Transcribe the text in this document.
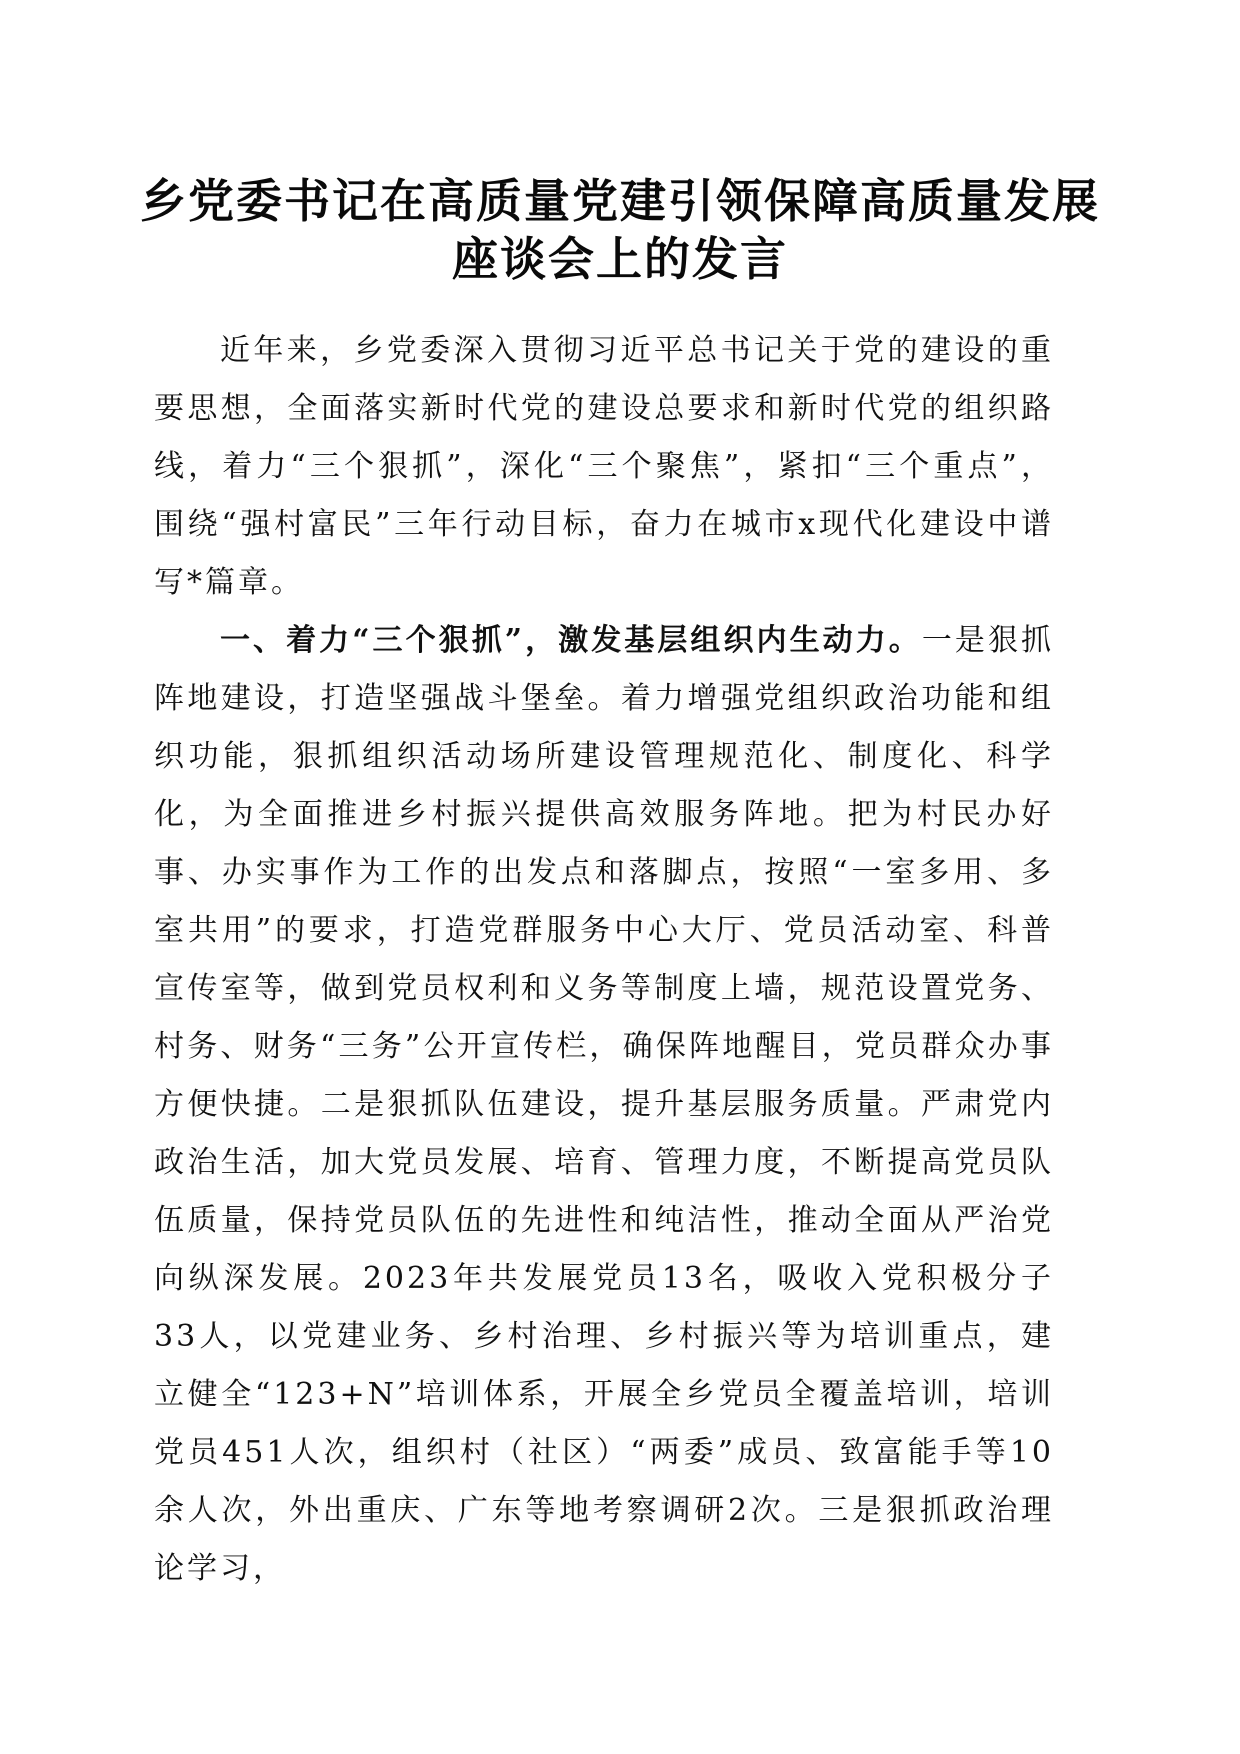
乡党委书记在高质量党建引领保障高质量发展
座谈会上的发言

近年来，乡党委深入贯彻习近平总书记关于党的建设的重要思想，全面落实新时代党的建设总要求和新时代党的组织路线，着力“三个狠抓”，深化“三个聚焦”，紧扣“三个重点”，围绕“强村富民”三年行动目标，奋力在城市x现代化建设中谱写*篇章。

一、着力“三个狠抓”，激发基层组织内生动力。一是狠抓阵地建设，打造坚强战斗堡垒。着力增强党组织政治功能和组织功能，狠抓组织活动场所建设管理规范化、制度化、科学化，为全面推进乡村振兴提供高效服务阵地。把为村民办好事、办实事作为工作的出发点和落脚点，按照“一室多用、多室共用”的要求，打造党群服务中心大厅、党员活动室、科普宣传室等，做到党员权利和义务等制度上墙，规范设置党务、村务、财务“三务”公开宣传栏，确保阵地醒目，党员群众办事方便快捷。二是狠抓队伍建设，提升基层服务质量。严肃党内政治生活，加大党员发展、培育、管理力度，不断提高党员队伍质量，保持党员队伍的先进性和纯洁性，推动全面从严治党向纵深发展。2023年共发展党员13名，吸收入党积极分子33人，以党建业务、乡村治理、乡村振兴等为培训重点，建立健全“123+N”培训体系，开展全乡党员全覆盖培训，培训党员451人次，组织村（社区）“两委”成员、致富能手等10余人次，外出重庆、广东等地考察调研2次。三是狠抓政治理论学习，
